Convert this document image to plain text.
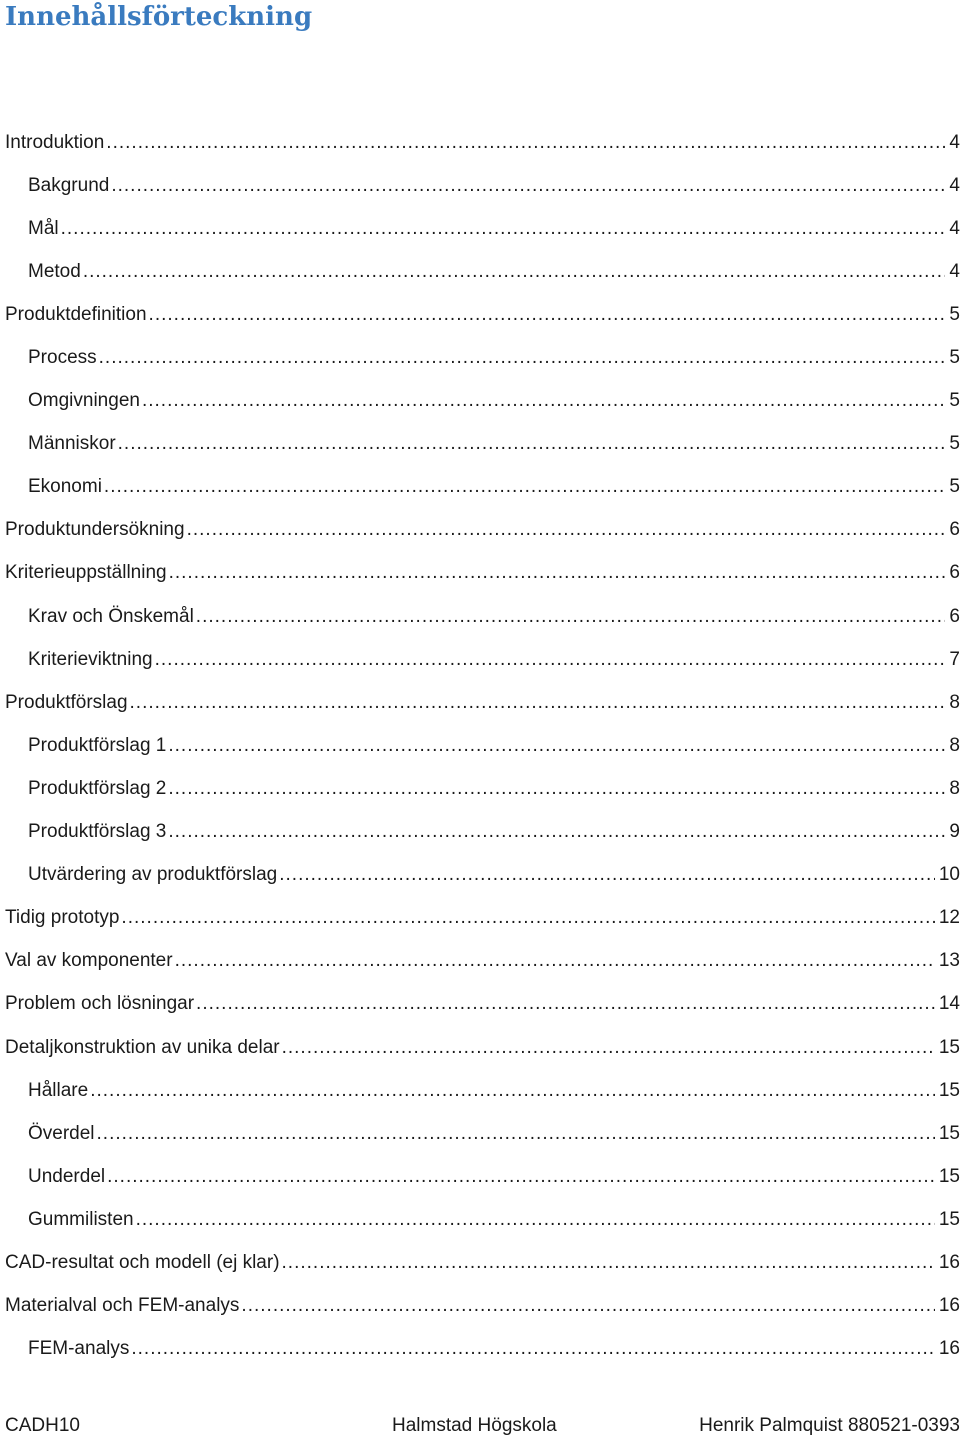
Innehållsförteckning
Introduktion .....	4
Bakgrund .....	4
Mål .....	4
Metod .....	4
Produktdefinition .....	5
Process .....	5
Omgivningen .....	5
Människor .....	5
Ekonomi .....	5
Produktundersökning .....	6
Kriterieuppställning .....	6
Krav och Önskemål .....	6
Kriterieviktning .....	7
Produktförslag .....	8
Produktförslag 1 .....	8
Produktförslag 2 .....	8
Produktförslag 3 .....	9
Utvärdering av produktförslag .....	10
Tidig prototyp .....	12
Val av komponenter .....	13
Problem och lösningar .....	14
Detaljkonstruktion av unika delar .....	15
Hållare .....	15
Överdel .....	15
Underdel .....	15
Gummilisten .....	15
CAD-resultat och modell (ej klar) .....	16
Materialval och FEM-analys .....	16
FEM-analys .....	16
CADH10	Halmstad Högskola	Henrik Palmquist 880521-0393
